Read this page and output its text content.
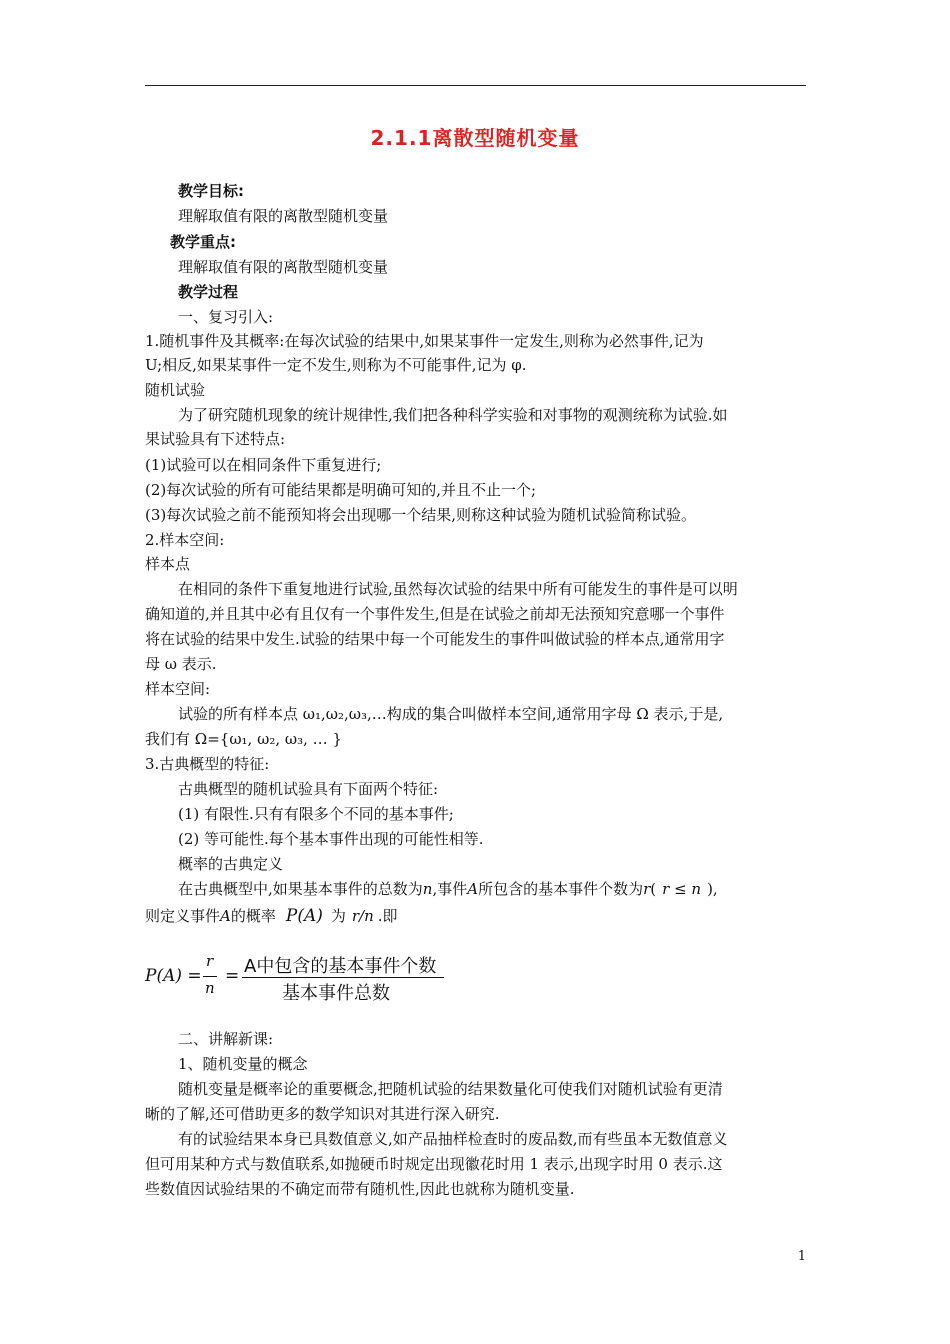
2.1.1离散型随机变量
教学目标:
理解取值有限的离散型随机变量
教学重点:
理解取值有限的离散型随机变量
教学过程
一、复习引入:
1.随机事件及其概率:在每次试验的结果中,如果某事件一定发生,则称为必然事件,记为
U;相反,如果某事件一定不发生,则称为不可能事件,记为 φ.
随机试验
为了研究随机现象的统计规律性,我们把各种科学实验和对事物的观测统称为试验.如
果试验具有下述特点:
(1)试验可以在相同条件下重复进行;
(2)每次试验的所有可能结果都是明确可知的,并且不止一个;
(3)每次试验之前不能预知将会出现哪一个结果,则称这种试验为随机试验简称试验。
2.样本空间:
样本点
在相同的条件下重复地进行试验,虽然每次试验的结果中所有可能发生的事件是可以明
确知道的,并且其中必有且仅有一个事件发生,但是在试验之前却无法预知究意哪一个事件
将在试验的结果中发生.试验的结果中每一个可能发生的事件叫做试验的样本点,通常用字
母 ω 表示.
样本空间:
试验的所有样本点 ω₁,ω₂,ω₃,…构成的集合叫做样本空间,通常用字母 Ω 表示,于是,
我们有 Ω={ω₁, ω₂, ω₃, … }
3.古典概型的特征:
古典概型的随机试验具有下面两个特征:
(1) 有限性.只有有限多个不同的基本事件;
(2) 等可能性.每个基本事件出现的可能性相等.
概率的古典定义
在古典概型中,如果基本事件的总数为n,事件A所包含的基本事件个数为r( r ≤ n ),
则定义事件A的概率 P(A) 为 r/n .即
P(A) =
r
n
= A中包含的基本事件个数
基本事件总数
二、讲解新课:
1、随机变量的概念
随机变量是概率论的重要概念,把随机试验的结果数量化可使我们对随机试验有更清
晰的了解,还可借助更多的数学知识对其进行深入研究.
有的试验结果本身已具数值意义,如产品抽样检查时的废品数,而有些虽本无数值意义
但可用某种方式与数值联系,如抛硬币时规定出现徽花时用 1 表示,出现字时用 0 表示.这
些数值因试验结果的不确定而带有随机性,因此也就称为随机变量.
1
